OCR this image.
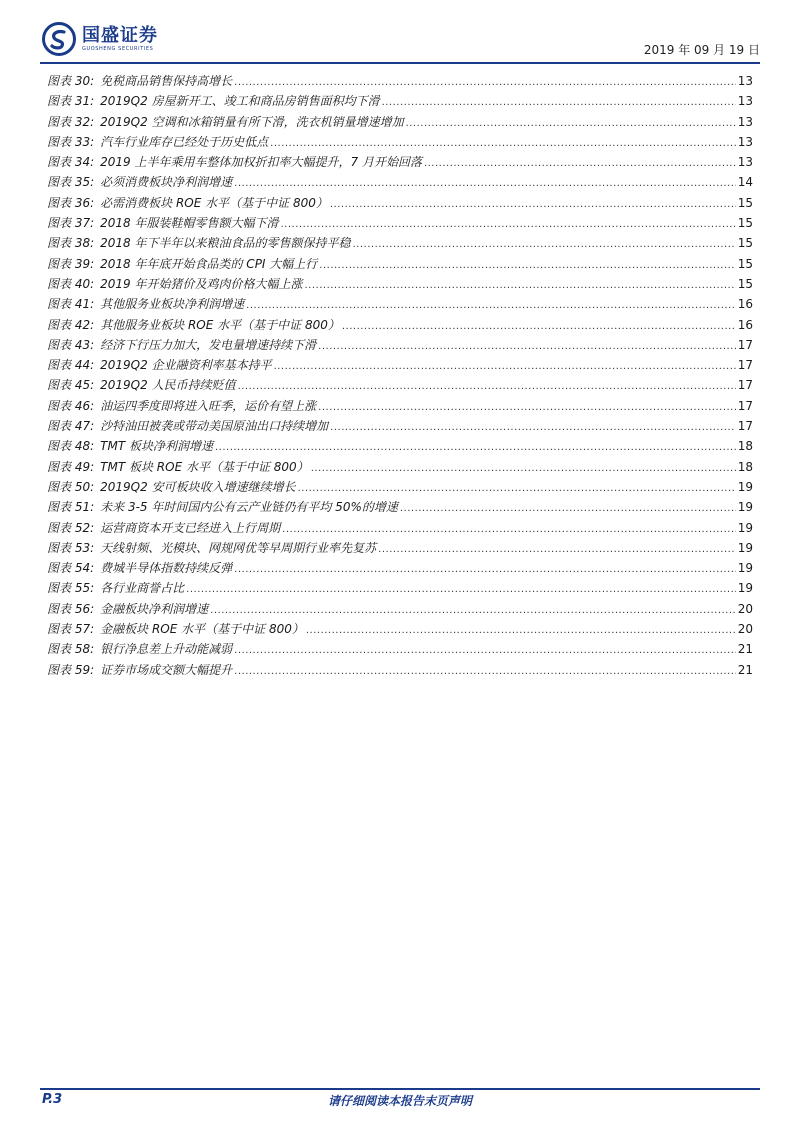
国盛证券
GUOSHENG SECURITIES	2019 年 09 月 19 日
图表 30: 免税商品销售保持高增长 .....	13
图表 31: 2019Q2 房屋新开工、竣工和商品房销售面积均下滑 .....	13
图表 32: 2019Q2 空调和冰箱销量有所下滑，洗衣机销量增速增加 .....	13
图表 33: 汽车行业库存已经处于历史低点 .....	13
图表 34: 2019 上半年乘用车整体加权折扣率大幅提升，7 月开始回落 .....	13
图表 35: 必须消费板块净利润增速 .....	14
图表 36: 必需消费板块 ROE 水平（基于中证 800） .....	15
图表 37: 2018 年服装鞋帽零售额大幅下滑 .....	15
图表 38: 2018 年下半年以来粮油食品的零售额保持平稳 .....	15
图表 39: 2018 年年底开始食品类的 CPI 大幅上行 .....	15
图表 40: 2019 年开始猪价及鸡肉价格大幅上涨 .....	15
图表 41: 其他服务业板块净利润增速 .....	16
图表 42: 其他服务业板块 ROE 水平（基于中证 800） .....	16
图表 43: 经济下行压力加大，发电量增速持续下滑 .....	17
图表 44: 2019Q2 企业融资利率基本持平 .....	17
图表 45: 2019Q2 人民币持续贬值 .....	17
图表 46: 油运四季度即将进入旺季，运价有望上涨 .....	17
图表 47: 沙特油田被袭或带动美国原油出口持续增加 .....	17
图表 48: TMT 板块净利润增速 .....	18
图表 49: TMT 板块 ROE 水平（基于中证 800） .....	18
图表 50: 2019Q2 安可板块收入增速继续增长 .....	19
图表 51: 未来 3-5 年时间国内公有云产业链仍有平均 50%的增速 .....	19
图表 52: 运营商资本开支已经进入上行周期 .....	19
图表 53: 天线射频、光模块、网规网优等早周期行业率先复苏 .....	19
图表 54: 费城半导体指数持续反弹 .....	19
图表 55: 各行业商誉占比 .....	19
图表 56: 金融板块净利润增速 .....	20
图表 57: 金融板块 ROE 水平（基于中证 800） .....	20
图表 58: 银行净息差上升动能减弱 .....	21
图表 59: 证券市场成交额大幅提升 .....	21
P.3	请仔细阅读本报告末页声明
